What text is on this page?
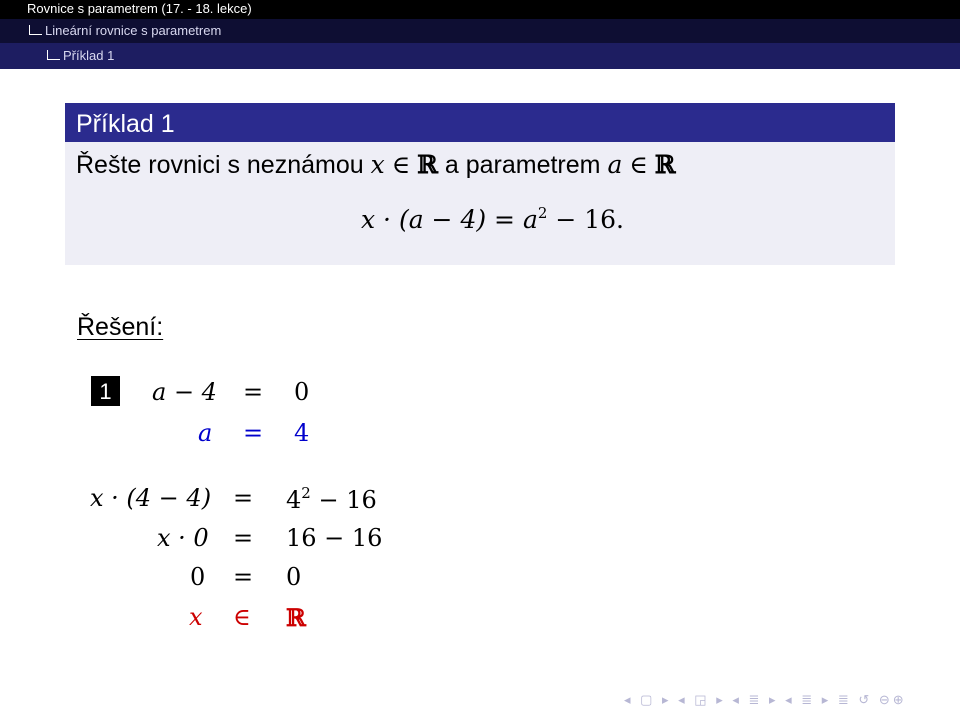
Rovnice s parametrem (17. - 18. lekce)
Lineární rovnice s parametrem
Příklad 1
Příklad 1
Řešte rovnici s neznámou x ∈ ℝ a parametrem a ∈ ℝ
$x \cdot (a - 4) = a^2 - 16$.
Řešení:
1	a − 4 = 0
a = 4
$x \cdot (4 - 4) = 4^2 - 16$
x · 0 = 16 − 16
0 = 0
x ∈ ℝ
◂ ▢ ▸ ◂ ◲ ▸ ◂ ≣ ▸ ◂ ≣ ▸ ≣ ↺ ⊖⊕
